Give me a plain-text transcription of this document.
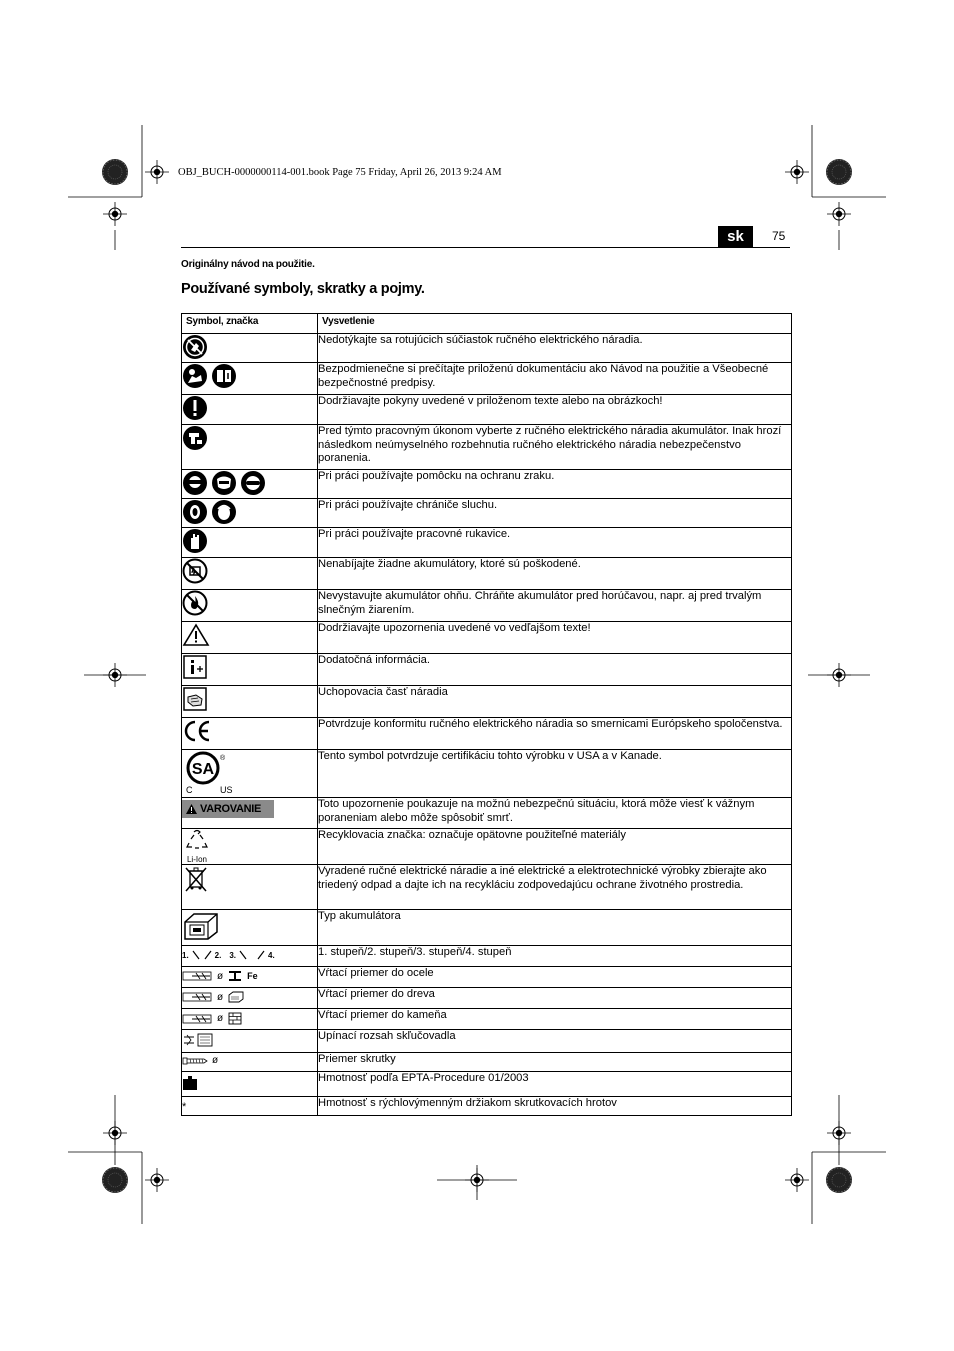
OBJ_BUCH-0000000114-001.book Page 75 Friday, April 26, 2013 9:24 AM
sk	75
Originálny návod na použitie.
Používané symboly, skratky a pojmy.
Symbol, značka	Vysvetlenie

	Nedotýkajte sa rotujúcich súčiastok ručného elektrického náradia.

	Bezpodmienečne si prečítajte priloženú dokumentáciu ako Návod na použitie a Všeobecné bezpečnostné predpisy.

	Dodržiavajte pokyny uvedené v priloženom texte alebo na obrázkoch!

	Pred týmto pracovným úkonom vyberte z ručného elektrického náradia akumulátor. Inak hrozí následkom neúmyselného rozbehnutia ručného elektrického náradia nebezpečenstvo poranenia.

	Pri práci používajte pomôcku na ochranu zraku.

	Pri práci používajte chrániče sluchu.

	Pri práci používajte pracovné rukavice.

	Nenabíjajte žiadne akumulátory, ktoré sú poškodené.

	Nevystavujte akumulátor ohňu. Chráňte akumulátor pred horúčavou, napr. aj pred trvalým slnečným žiarením.

	Dodržiavajte upozornenia uvedené vo vedľajšom texte!

	Dodatočná informácia.

	Uchopovacia časť náradia

	Potvrdzuje konformitu ručného elektrického náradia so smernicami Európskeho spoločenstva.

SA
®
C US	Tento symbol potvrdzuje certifikáciu tohto výrobku v USA a v Kanade.

VAROVANIE	Toto upozornenie poukazuje na možnú nebezpečnú situáciu, ktorá môže viesť k vážnym poraneniam alebo môže spôsobiť smrť.

Li-Ion	Recyklovacia značka: označuje opätovne použiteľné materiály

	Vyradené ručné elektrické náradie a iné elektrické a elektrotechnické výrobky zbierajte ako triedený odpad a dajte ich na recykláciu zodpovedajúcu ochrane životného prostredia.

	Typ akumulátora

1. 2. 3. 4.	1. stupeň/2. stupeň/3. stupeň/4. stupeň

ø Fe	Vŕtací priemer do ocele

ø	Vŕtací priemer do dreva

ø	Vŕtací priemer do kameňa
	Upínací rozsah skľučovadla

ø	Priemer skrutky
	Hmotnosť podľa EPTA-Procedure 01/2003
*	Hmotnosť s rýchlovýmenným držiakom skrutkovacích hrotov
